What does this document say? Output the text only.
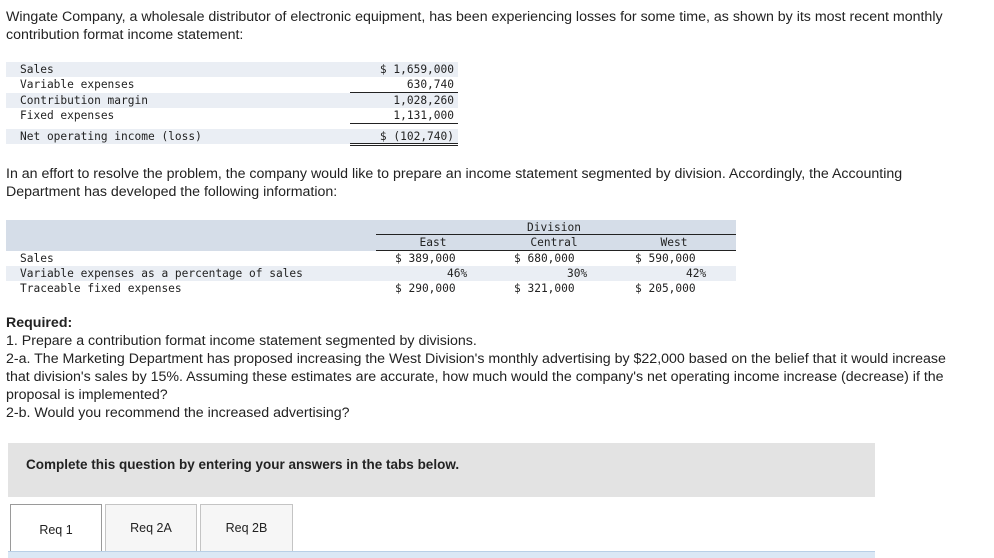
Wingate Company, a wholesale distributor of electronic equipment, has been experiencing losses for some time, as shown by its most recent monthly contribution format income statement:

Sales	$ 1,659,000
Variable expenses	630,740
Contribution margin	1,028,260
Fixed expenses	1,131,000
Net operating income (loss)	$ (102,740)

In an effort to resolve the problem, the company would like to prepare an income statement segmented by division. Accordingly, the Accounting Department has developed the following information:

Division
East	Central	West
Sales	$ 389,000	$ 680,000	$ 590,000
Variable expenses as a percentage of sales	46%	30%	42%
Traceable fixed expenses	$ 290,000	$ 321,000	$ 205,000
Required:
1. Prepare a contribution format income statement segmented by divisions.
2-a. The Marketing Department has proposed increasing the West Division's monthly advertising by $22,000 based on the belief that it would increase that division's sales by 15%. Assuming these estimates are accurate, how much would the company's net operating income increase (decrease) if the proposal is implemented?
2-b. Would you recommend the increased advertising?
Complete this question by entering your answers in the tabs below.
Req 1	Req 2A	Req 2B
